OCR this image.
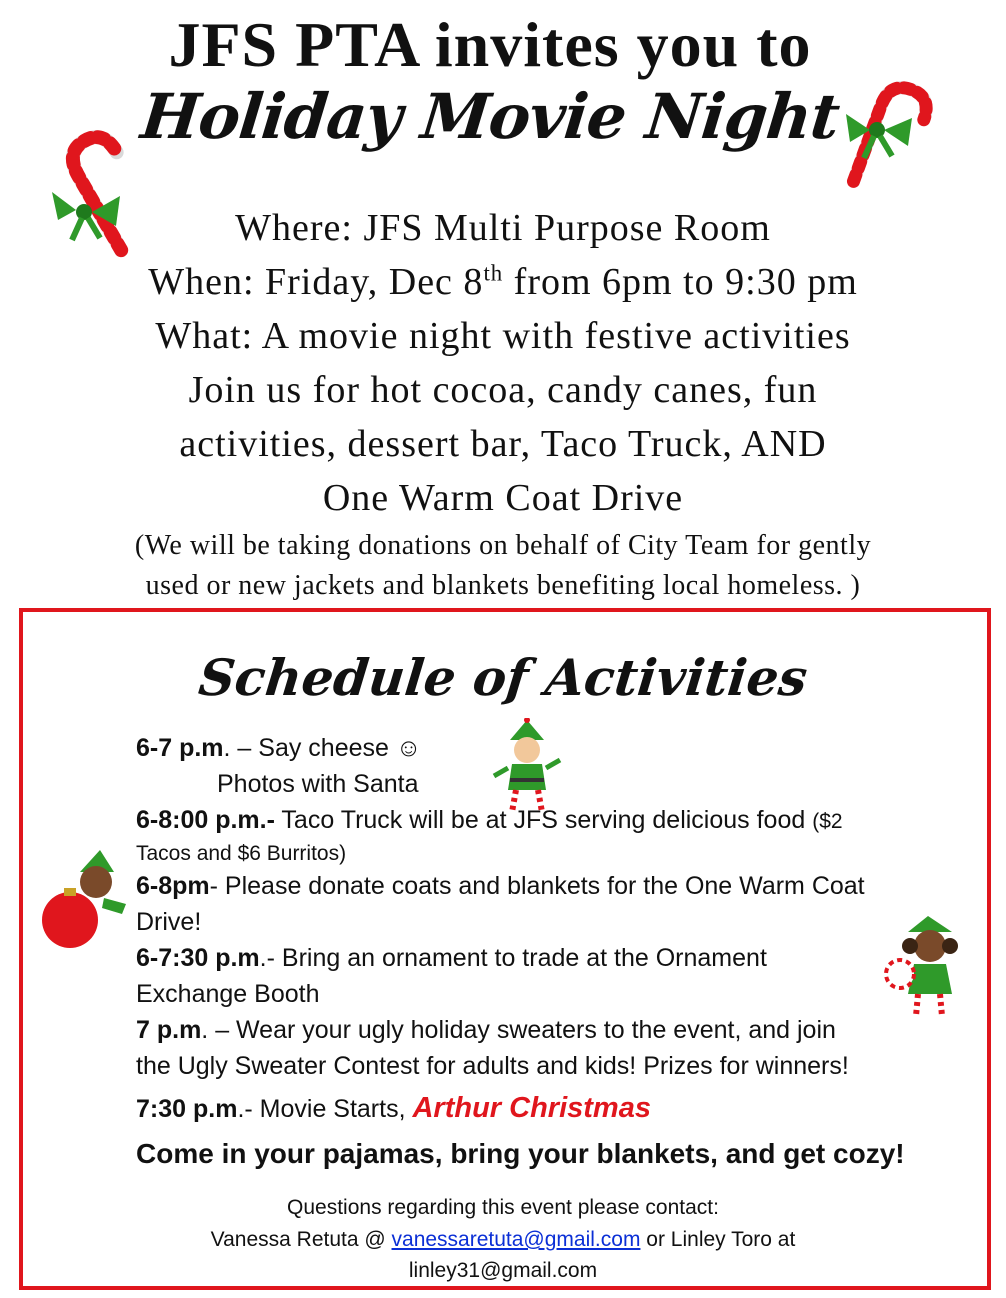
JFS PTA invites you to
Holiday Movie Night
Where: JFS Multi Purpose Room
When: Friday, Dec 8th from 6pm to 9:30 pm
What: A movie night with festive activities
Join us for hot cocoa, candy canes, fun
activities, dessert bar, Taco Truck, AND
One Warm Coat Drive
(We will be taking donations on behalf of City Team for gently
used or new jackets and blankets benefiting local homeless. )
Schedule of Activities
6-7 p.m. – Say cheese ☺
Photos with Santa
6-8:00 p.m.- Taco Truck will be at JFS serving delicious food ($2
Tacos and $6 Burritos)
6-8pm- Please donate coats and blankets for the One Warm Coat
Drive!
6-7:30 p.m.- Bring an ornament to trade at the Ornament
Exchange Booth
7 p.m. – Wear your ugly holiday sweaters to the event, and join
the Ugly Sweater Contest for adults and kids! Prizes for winners!
7:30 p.m.- Movie Starts, Arthur Christmas
Come in your pajamas, bring your blankets, and get cozy!
Questions regarding this event please contact:
Vanessa Retuta @ vanessaretuta@gmail.com or Linley Toro at
linley31@gmail.com
